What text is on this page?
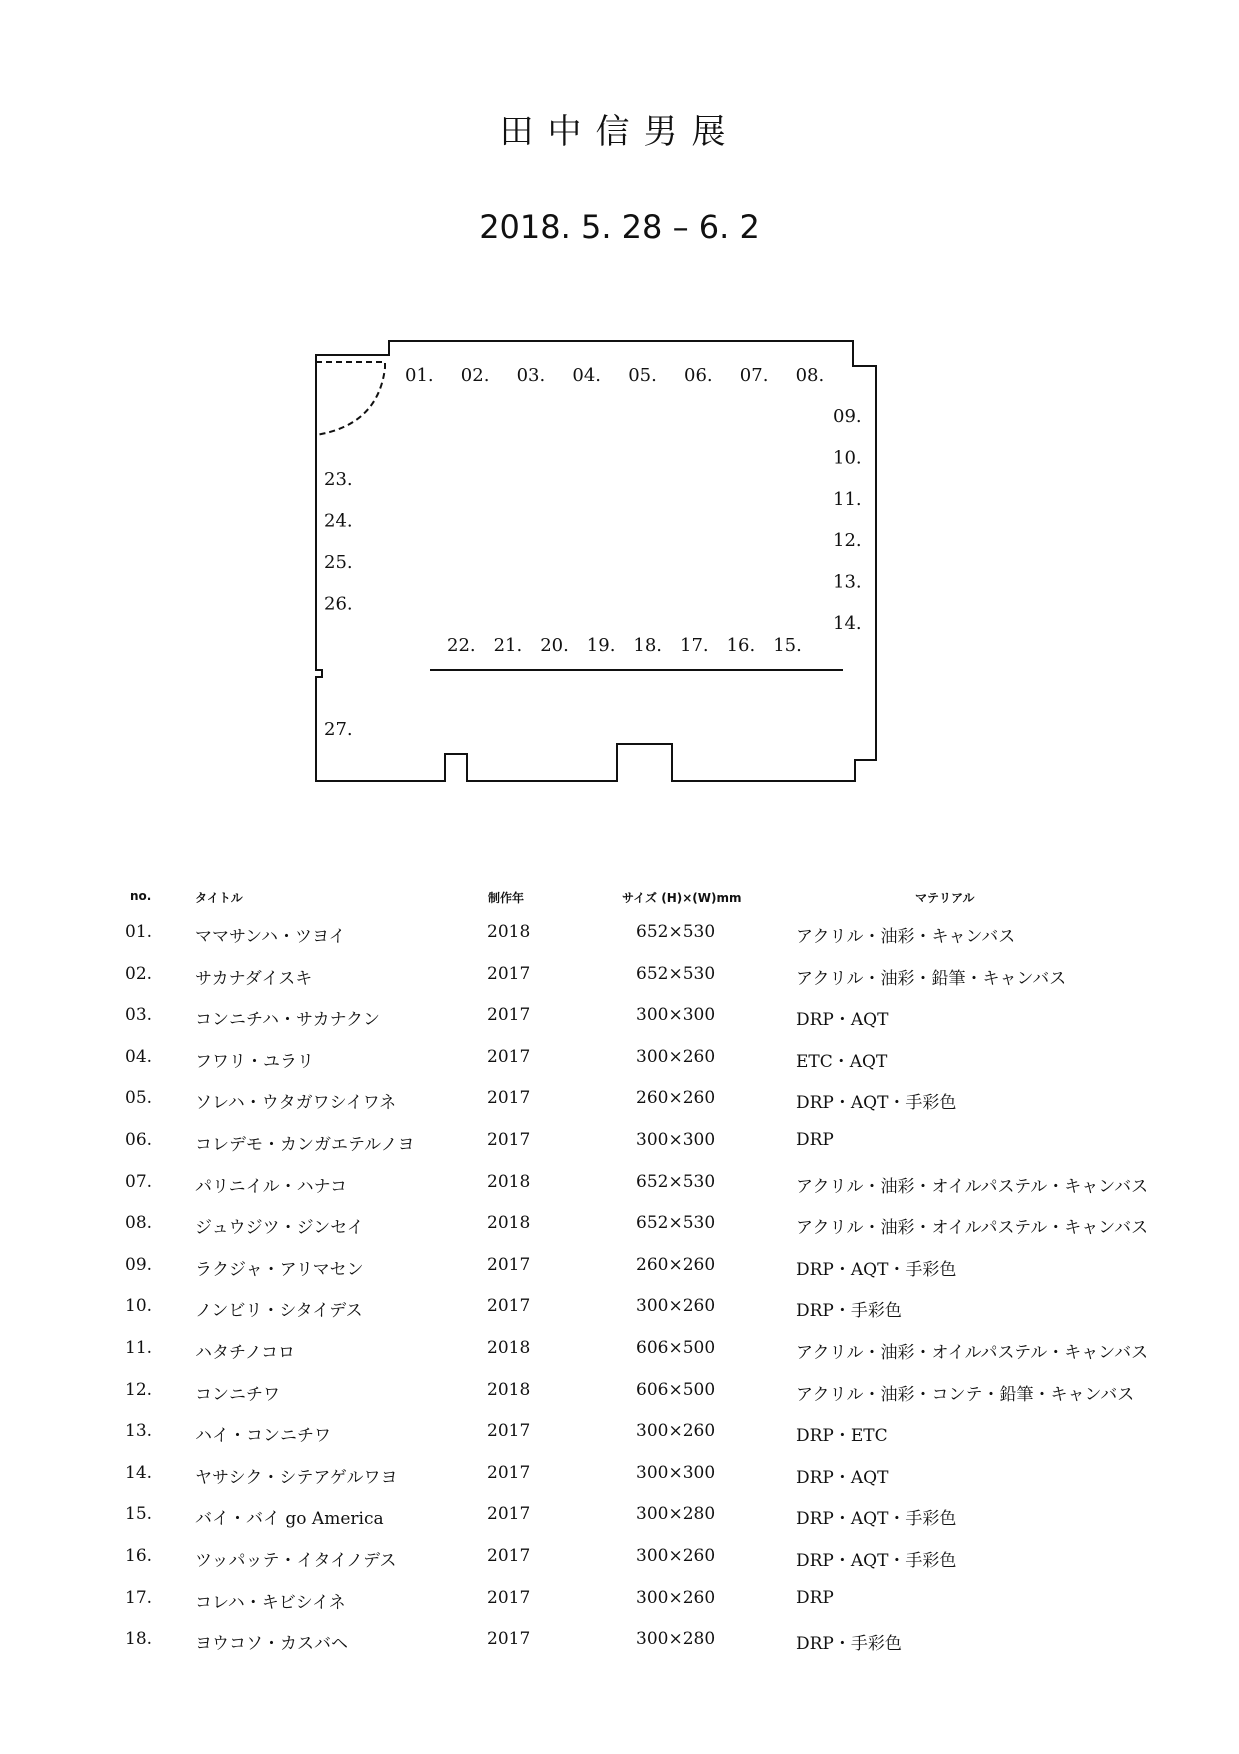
田中信男展
2018. 5. 28 – 6. 2
01. 02. 03. 04. 05. 06. 07. 08.
09.
10.
11.
12.
13.
14.
22. 21. 20. 19. 18. 17. 16. 15.
23.
24.
25.
26.
27.
no.	タイトル	制作年	サイズ (H)×(W)mm	マテリアル
01.	ママサンハ・ツヨイ	2018	652×530	アクリル・油彩・キャンバス
02.	サカナダイスキ	2017	652×530	アクリル・油彩・鉛筆・キャンバス
03.	コンニチハ・サカナクン	2017	300×300	DRP・AQT
04.	フワリ・ユラリ	2017	300×260	ETC・AQT
05.	ソレハ・ウタガワシイワネ	2017	260×260	DRP・AQT・手彩色
06.	コレデモ・カンガエテルノヨ	2017	300×300	DRP
07.	パリニイル・ハナコ	2018	652×530	アクリル・油彩・オイルパステル・キャンバス
08.	ジュウジツ・ジンセイ	2018	652×530	アクリル・油彩・オイルパステル・キャンバス
09.	ラクジャ・アリマセン	2017	260×260	DRP・AQT・手彩色
10.	ノンビリ・シタイデス	2017	300×260	DRP・手彩色
11.	ハタチノコロ	2018	606×500	アクリル・油彩・オイルパステル・キャンバス
12.	コンニチワ	2018	606×500	アクリル・油彩・コンテ・鉛筆・キャンバス
13.	ハイ・コンニチワ	2017	300×260	DRP・ETC
14.	ヤサシク・シテアゲルワヨ	2017	300×300	DRP・AQT
15.	バイ・バイ go America	2017	300×280	DRP・AQT・手彩色
16.	ツッパッテ・イタイノデス	2017	300×260	DRP・AQT・手彩色
17.	コレハ・キビシイネ	2017	300×260	DRP
18.	ヨウコソ・カスバヘ	2017	300×280	DRP・手彩色
